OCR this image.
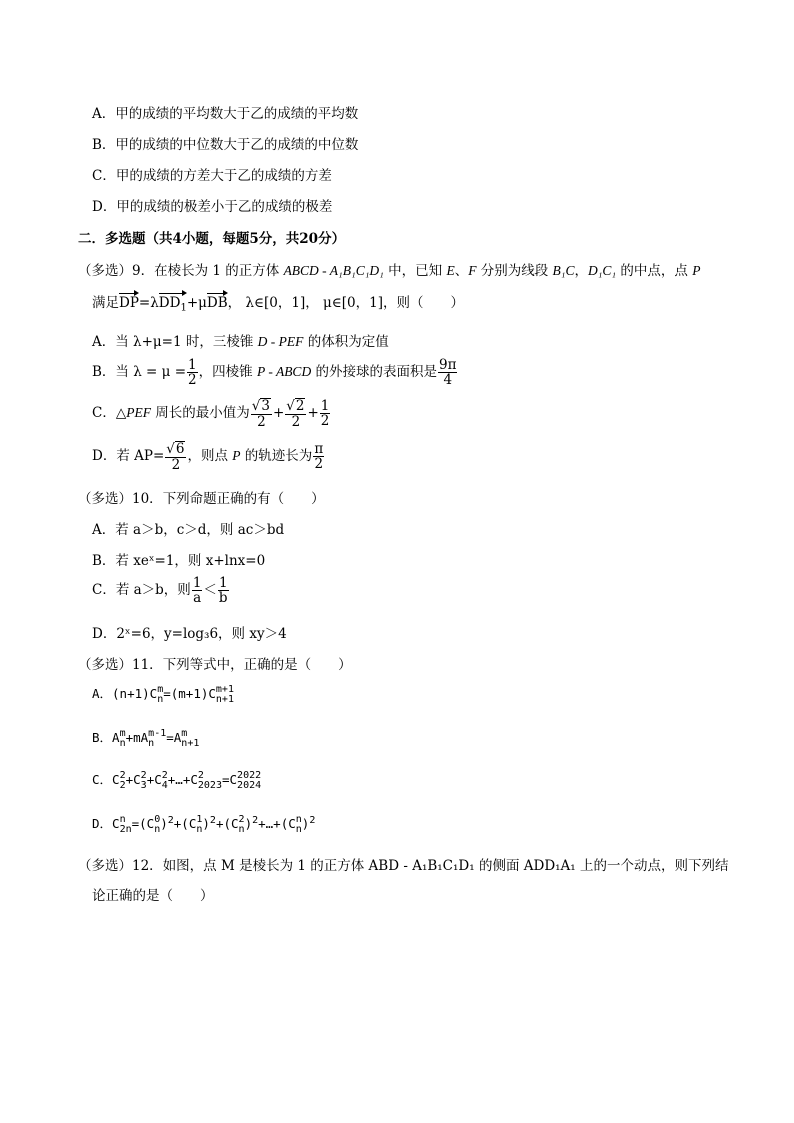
A．甲的成绩的平均数大于乙的成绩的平均数
B．甲的成绩的中位数大于乙的成绩的中位数
C．甲的成绩的方差大于乙的成绩的方差
D．甲的成绩的极差小于乙的成绩的极差
二．多选题（共4小题，每题5分，共20分）
（多选）9．在棱长为 1 的正方体 ABCD - A₁B₁C₁D₁ 中，已知 E、F 分别为线段 B₁C，D₁C₁ 的中点，点 P
满足DP=λDD$_1$+μDB， λ∈[0，1]， μ∈[0，1]，则（　　）
A．当 λ+μ=1 时，三棱锥 D - PEF 的体积为定值
B．当 $\lambda = \mu = \frac{1}{2}$ ，四棱锥 P - ABCD 的外接球的表面积是 $\frac{9\pi}{4}$
C．△PEF 周长的最小值为 $\frac{√3}{2} + \frac{√2}{2} + \frac{1}{2}$
D．若 $AP= \frac{√6}{2}$ ，则点 P 的轨迹长为 $\frac{\pi}{2}$
（多选）10．下列命题正确的有（　　）
A．若 a＞b，c＞d，则 ac＞bd
B．若 xeˣ=1，则 x+lnx=0
C．若 a＞b，则 $\frac{1}{a} < \frac{1}{b}$
D．2ˣ=6，y=log₃6，则 xy＞4
（多选）11．下列等式中，正确的是（　　）
A．(n+1)C m
n =(m+1)C m+1
n+1
B．A m
n +mA m-1
n =A m
n+1
C．C 2
2 +C 2
3 +C 2
4 +…+C 2
2023 =C 2022
2024
D．C n
2n =(C 0
n )$^2$+(C 1
n )$^2$+(C 2
n )$^2$+…+(C n
n )$^2$
（多选）12．如图，点 M 是棱长为 1 的正方体 ABD - A₁B₁C₁D₁ 的侧面 ADD₁A₁ 上的一个动点，则下列结
论正确的是（　　）
